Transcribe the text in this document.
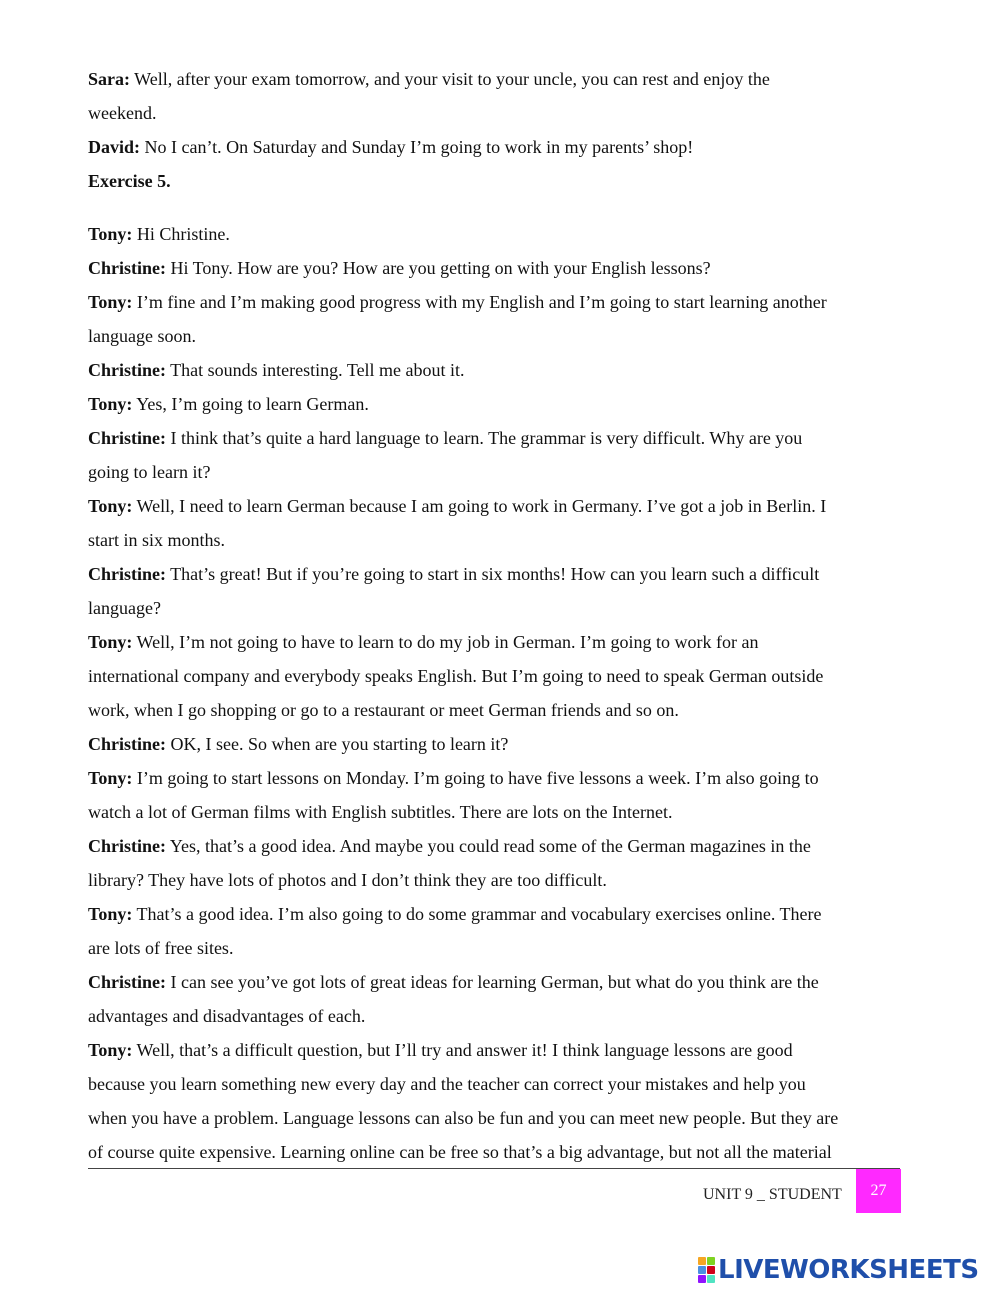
Sara: Well, after your exam tomorrow, and your visit to your uncle, you can rest and enjoy the

weekend.

David: No I can’t. On Saturday and Sunday I’m going to work in my parents’ shop!

Exercise 5.

Tony: Hi Christine.

Christine: Hi Tony. How are you? How are you getting on with your English lessons?

Tony: I’m fine and I’m making good progress with my English and I’m going to start learning another

language soon.

Christine: That sounds interesting. Tell me about it.

Tony: Yes, I’m going to learn German.

Christine: I think that’s quite a hard language to learn. The grammar is very difficult. Why are you

going to learn it?

Tony: Well, I need to learn German because I am going to work in Germany. I’ve got a job in Berlin. I

start in six months.

Christine: That’s great! But if you’re going to start in six months! How can you learn such a difficult

language?

Tony: Well, I’m not going to have to learn to do my job in German. I’m going to work for an

international company and everybody speaks English. But I’m going to need to speak German outside

work, when I go shopping or go to a restaurant or meet German friends and so on.

Christine: OK, I see. So when are you starting to learn it?

Tony: I’m going to start lessons on Monday. I’m going to have five lessons a week. I’m also going to

watch a lot of German films with English subtitles. There are lots on the Internet.

Christine: Yes, that’s a good idea. And maybe you could read some of the German magazines in the

library? They have lots of photos and I don’t think they are too difficult.

Tony: That’s a good idea. I’m also going to do some grammar and vocabulary exercises online. There

are lots of free sites.

Christine: I can see you’ve got lots of great ideas for learning German, but what do you think are the

advantages and disadvantages of each.

Tony: Well, that’s a difficult question, but I’ll try and answer it! I think language lessons are good

because you learn something new every day and the teacher can correct your mistakes and help you

when you have a problem. Language lessons can also be fun and you can meet new people. But they are

of course quite expensive. Learning online can be free so that’s a big advantage, but not all the material

UNIT 9 _ STUDENT	27
LIVEWORKSHEETS
